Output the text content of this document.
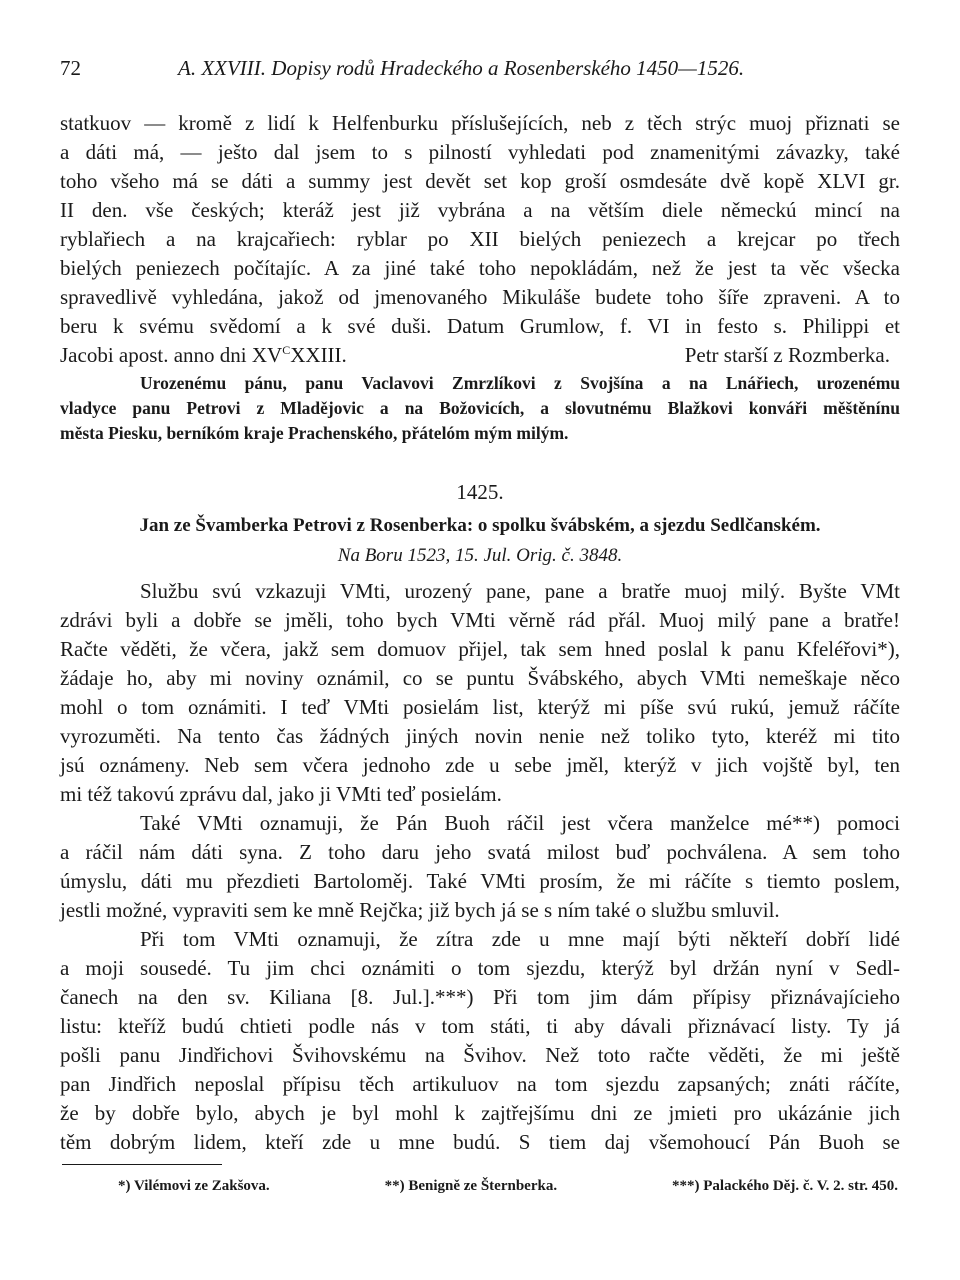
72	A. XXVIII. Dopisy rodů Hradeckého a Rosenberského 1450—1526.
statkuov — kromě z lidí k Helfenburku příslušejících, neb z těch strýc muoj přiznati se
a dáti má, — ješto dal jsem to s pilností vyhledati pod znamenitými závazky, také
toho všeho má se dáti a summy jest devět set kop groší osmdesáte dvě kopě XLVI gr.
II den. vše českých; kteráž jest již vybrána a na větším diele německú mincí na
ryblařiech a na krajcařiech: ryblar po XII bielých peniezech a krejcar po třech
bielých peniezech počítajíc. A za jiné také toho nepokládám, než že jest ta věc všecka
spravedlivě vyhledána, jakož od jmenovaného Mikuláše budete toho šíře zpraveni. A to
beru k svému svědomí a k své duši. Datum Grumlow, f. VI in festo s. Philippi et
Jacobi apost. anno dni $XV^CXXIII$.	Petr starší z Rozmberka.
Urozenému pánu, panu Vaclavovi Zmrzlíkovi z Svojšína a na Lnářiech, urozenému
vladyce panu Petrovi z Mladějovic a na Božovicích, a slovutnému Blažkovi konváři měštěnínu
města Piesku, berníkóm kraje Prachenského, přátelóm mým milým.
1425.
Jan ze Švamberka Petrovi z Rosenberka: o spolku švábském, a sjezdu Sedlčanském.
Na Boru 1523, 15. Jul. Orig. č. 3848.
Službu svú vzkazuji VMti, urozený pane, pane a bratře muoj milý. Byšte VMt
zdrávi byli a dobře se jměli, toho bych VMti věrně rád přál. Muoj milý pane a bratře!
Račte věděti, že včera, jakž sem domuov přijel, tak sem hned poslal k panu Kfeléřovi*),
žádaje ho, aby mi noviny oznámil, co se puntu Švábského, abych VMti nemeškaje něco
mohl o tom oznámiti. I teď VMti posielám list, kterýž mi píše svú rukú, jemuž ráčíte
vyrozuměti. Na tento čas žádných jiných novin nenie než toliko tyto, kteréž mi tito
jsú oznámeny. Neb sem včera jednoho zde u sebe jměl, kterýž v jich vojště byl, ten
mi též takovú zprávu dal, jako ji VMti teď posielám.
Také VMti oznamuji, že Pán Buoh ráčil jest včera manželce mé**) pomoci
a ráčil nám dáti syna. Z toho daru jeho svatá milost buď pochválena. A sem toho
úmyslu, dáti mu přezdieti Bartoloměj. Také VMti prosím, že mi ráčíte s tiemto poslem,
jestli možné, vypraviti sem ke mně Rejčka; již bych já se s ním také o službu smluvil.
Při tom VMti oznamuji, že zítra zde u mne mají býti někteří dobří lidé
a moji sousedé. Tu jim chci oznámiti o tom sjezdu, kterýž byl držán nyní v Sedl-
čanech na den sv. Kiliana [8. Jul.].***) Při tom jim dám přípisy přiznávajícieho
listu: kteříž budú chtieti podle nás v tom státi, ti aby dávali přiznávací listy. Ty já
pošli panu Jindřichovi Švihovskému na Švihov. Než toto račte věděti, že mi ještě
pan Jindřich neposlal přípisu těch artikuluov na tom sjezdu zapsaných; znáti ráčíte,
že by dobře bylo, abych je byl mohl k zajtřejšímu dni ze jmieti pro ukázánie jich
těm dobrým lidem, kteří zde u mne budú. S tiem daj všemohoucí Pán Buoh se
*) Vilémovi ze Zakšova.	**) Benigně ze Šternberka.	***) Palackého Děj. č. V. 2. str. 450.
